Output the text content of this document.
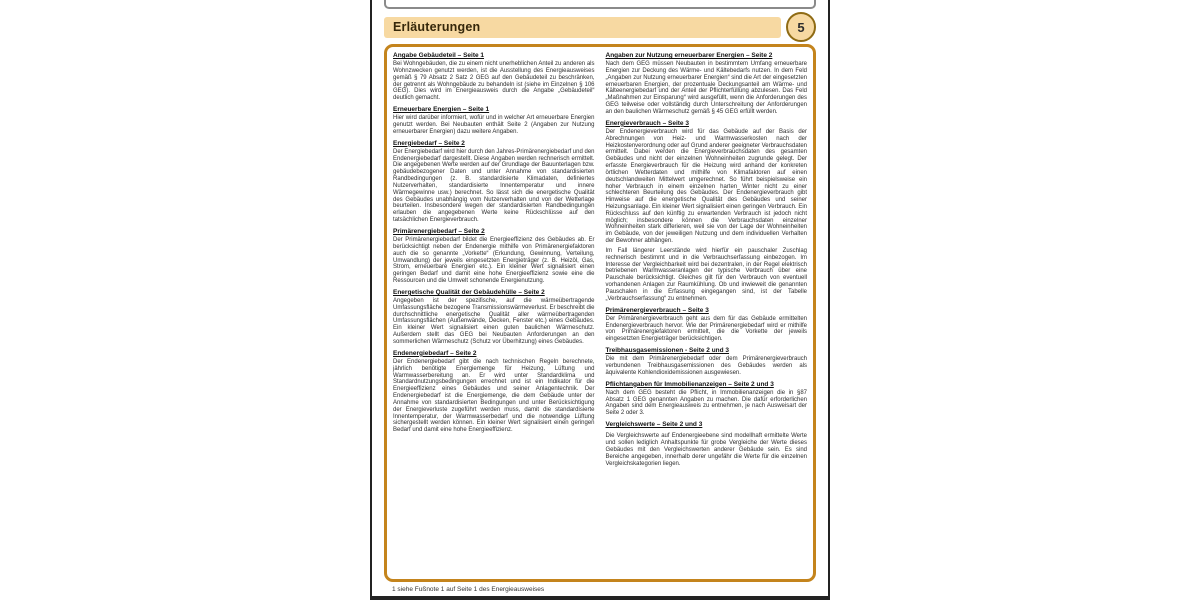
Erläuterungen	5
Angabe Gebäudeteil – Seite 1

Bei Wohngebäuden, die zu einem nicht unerheblichen Anteil zu anderen als Wohnzwecken genutzt werden, ist die Ausstellung des Energieausweises gemäß § 79 Absatz 2 Satz 2 GEG auf den Gebäudeteil zu beschränken, der getrennt als Wohngebäude zu behandeln ist (siehe im Einzelnen § 106 GEG). Dies wird im Energieausweis durch die Angabe „Gebäudeteil“ deutlich gemacht.

Erneuerbare Energien – Seite 1

Hier wird darüber informiert, wofür und in welcher Art erneuerbare Energien genutzt werden. Bei Neubauten enthält Seite 2 (Angaben zur Nutzung erneuerbarer Energien) dazu weitere Angaben.

Energiebedarf – Seite 2

Der Energiebedarf wird hier durch den Jahres-Primärenergiebedarf und den Endenergiebedarf dargestellt. Diese Angaben werden rechnerisch ermittelt. Die angegebenen Werte werden auf der Grundlage der Bauunterlagen bzw. gebäudebezogener Daten und unter Annahme von standardisierten Randbedingungen (z. B. standardisierte Klimadaten, definiertes Nutzerverhalten, standardisierte Innentemperatur und innere Wärmegewinne usw.) berechnet. So lässt sich die energetische Qualität des Gebäudes unabhängig vom Nutzerverhalten und von der Wetterlage beurteilen. Insbesondere wegen der standardisierten Randbedingungen erlauben die angegebenen Werte keine Rückschlüsse auf den tatsächlichen Energieverbrauch.

Primärenergiebedarf – Seite 2

Der Primärenergiebedarf bildet die Energieeffizienz des Gebäudes ab. Er berücksichtigt neben der Endenergie mithilfe von Primärenergiefaktoren auch die so genannte „Vorkette“ (Erkundung, Gewinnung, Verteilung, Umwandlung) der jeweils eingesetzten Energieträger (z. B. Heizöl, Gas, Strom, erneuerbare Energien etc.). Ein kleiner Wert signalisiert einen geringen Bedarf und damit eine hohe Energieeffizienz sowie eine die Ressourcen und die Umwelt schonende Energienutzung.

Energetische Qualität der Gebäudehülle – Seite 2

Angegeben ist der spezifische, auf die wärmeübertragende Umfassungsfläche bezogene Transmissionswärmeverlust. Er beschreibt die durchschnittliche energetische Qualität aller wärmeübertragenden Umfassungsflächen (Außenwände, Decken, Fenster etc.) eines Gebäudes. Ein kleiner Wert signalisiert einen guten baulichen Wärmeschutz. Außerdem stellt das GEG bei Neubauten Anforderungen an den sommerlichen Wärmeschutz (Schutz vor Überhitzung) eines Gebäudes.

Endenergiebedarf – Seite 2

Der Endenergiebedarf gibt die nach technischen Regeln berechnete, jährlich benötigte Energiemenge für Heizung, Lüftung und Warmwasserbereitung an. Er wird unter Standardklima und Standardnutzungsbedingungen errechnet und ist ein Indikator für die Energieeffizienz eines Gebäudes und seiner Anlagentechnik. Der Endenergiebedarf ist die Energiemenge, die dem Gebäude unter der Annahme von standardisierten Bedingungen und unter Berücksichtigung der Energieverluste zugeführt werden muss, damit die standardisierte Innentemperatur, der Warmwasserbedarf und die notwendige Lüftung sichergestellt werden können. Ein kleiner Wert signalisiert einen geringen Bedarf und damit eine hohe Energieeffizienz.

Angaben zur Nutzung erneuerbarer Energien – Seite 2

Nach dem GEG müssen Neubauten in bestimmtem Umfang erneuerbare Energien zur Deckung des Wärme- und Kältebedarfs nutzen. In dem Feld „Angaben zur Nutzung erneuerbarer Energien“ sind die Art der eingesetzten erneuerbaren Energien, der prozentuale Deckungsanteil am Wärme- und Kälteenergiebedarf und der Anteil der Pflichterfüllung abzulesen. Das Feld „Maßnahmen zur Einsparung“ wird ausgefüllt, wenn die Anforderungen des GEG teilweise oder vollständig durch Unterschreitung der Anforderungen an den baulichen Wärmeschutz gemäß § 45 GEG erfüllt werden.

Energieverbrauch – Seite 3

Der Endenergieverbrauch wird für das Gebäude auf der Basis der Abrechnungen von Heiz- und Warmwasserkosten nach der Heizkostenverordnung oder auf Grund anderer geeigneter Verbrauchsdaten ermittelt. Dabei werden die Energieverbrauchsdaten des gesamten Gebäudes und nicht der einzelnen Wohneinheiten zugrunde gelegt. Der erfasste Energieverbrauch für die Heizung wird anhand der konkreten örtlichen Wetterdaten und mithilfe von Klimafaktoren auf einen deutschlandweiten Mittelwert umgerechnet. So führt beispielsweise ein hoher Verbrauch in einem einzelnen harten Winter nicht zu einer schlechteren Beurteilung des Gebäudes. Der Endenergieverbrauch gibt Hinweise auf die energetische Qualität des Gebäudes und seiner Heizungsanlage. Ein kleiner Wert signalisiert einen geringen Verbrauch. Ein Rückschluss auf den künftig zu erwartenden Verbrauch ist jedoch nicht möglich; insbesondere können die Verbrauchsdaten einzelner Wohneinheiten stark differieren, weil sie von der Lage der Wohneinheiten im Gebäude, von der jeweiligen Nutzung und dem individuellen Verhalten der Bewohner abhängen.

Im Fall längerer Leerstände wird hierfür ein pauschaler Zuschlag rechnerisch bestimmt und in die Verbrauchserfassung einbezogen. Im Interesse der Vergleichbarkeit wird bei dezentralen, in der Regel elektrisch betriebenen Warmwasseranlagen der typische Verbrauch über eine Pauschale berücksichtigt. Gleiches gilt für den Verbrauch von eventuell vorhandenen Anlagen zur Raumkühlung. Ob und inwieweit die genannten Pauschalen in die Erfassung eingegangen sind, ist der Tabelle „Verbrauchserfassung“ zu entnehmen.

Primärenergieverbrauch – Seite 3

Der Primärenergieverbrauch geht aus dem für das Gebäude ermittelten Endenergieverbrauch hervor. Wie der Primärenergiebedarf wird er mithilfe von Primärenergiefaktoren ermittelt, die die Vorkette der jeweils eingesetzten Energieträger berücksichtigen.

Treibhausgasemissionen - Seite 2 und 3

Die mit dem Primärenergiebedarf oder dem Primärenergieverbrauch verbundenen Treibhausgasemissionen des Gebäudes werden als äquivalente Kohlendioxidemissionen ausgewiesen.

Pflichtangaben für Immobilienanzeigen – Seite 2 und 3

Nach dem GEG besteht die Pflicht, in Immobilienanzeigen die in §87 Absatz 1 GEG genannten Angaben zu machen. Die dafür erforderlichen Angaben sind dem Energieausweis zu entnehmen, je nach Ausweisart der Seite 2 oder 3.

Vergleichswerte – Seite 2 und 3

Die Vergleichswerte auf Endenergieebene sind modellhaft ermittelte Werte und sollen lediglich Anhaltspunkte für grobe Vergleiche der Werte dieses Gebäudes mit den Vergleichswerten anderer Gebäude sein. Es sind Bereiche angegeben, innerhalb derer ungefähr die Werte für die einzelnen Vergleichskategorien liegen.

1 siehe Fußnote 1 auf Seite 1 des Energieausweises
